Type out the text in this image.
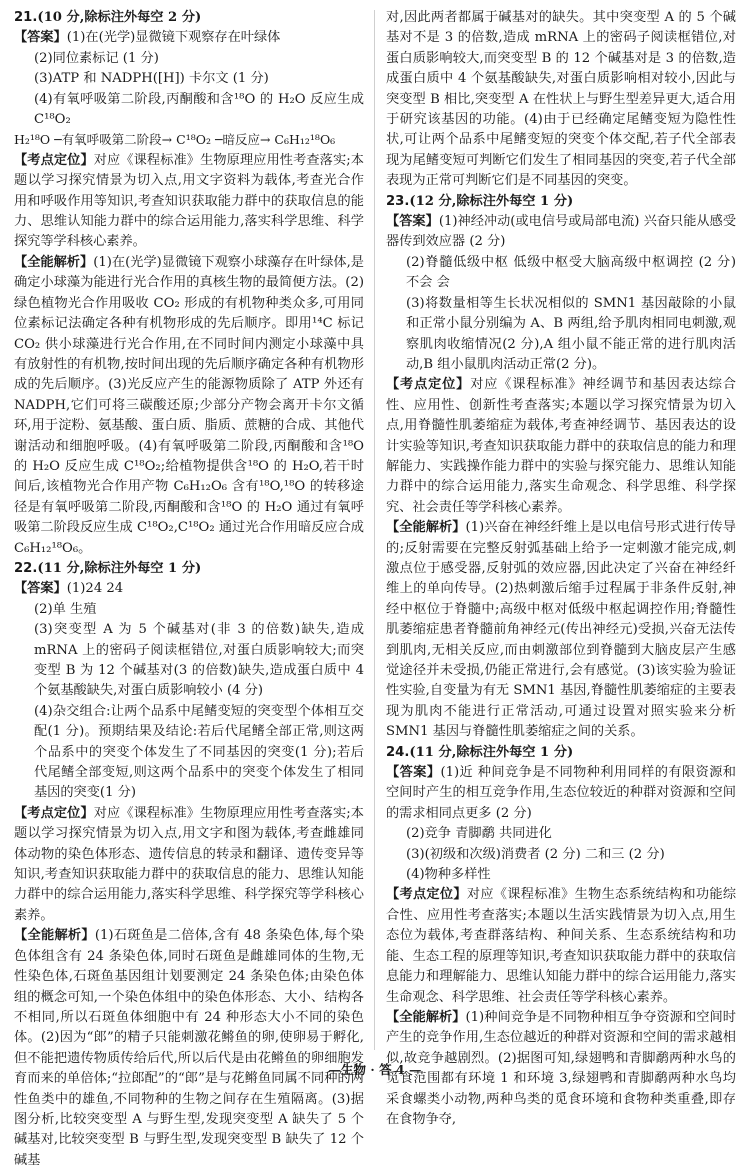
21.(10 分,除标注外每空 2 分)

【答案】(1)在(光学)显微镜下观察存在叶绿体

(2)同位素标记 (1 分)

(3)ATP 和 NADPH([H]) 卡尔文 (1 分)

(4)有氧呼吸第二阶段,丙酮酸和含¹⁸O 的 H₂O 反应生成 C¹⁸O₂

H₂¹⁸O ─有氧呼吸第二阶段→ C¹⁸O₂ ─暗反应→ C₆H₁₂¹⁸O₆

【考点定位】对应《课程标准》生物原理应用性考查落实;本题以学习探究情景为切入点,用文字资料为载体,考查光合作用和呼吸作用等知识,考查知识获取能力群中的获取信息的能力、思维认知能力群中的综合运用能力,落实科学思维、科学探究等学科核心素养。

【全能解析】(1)在(光学)显微镜下观察小球藻存在叶绿体,是确定小球藻为能进行光合作用的真核生物的最简便方法。(2)绿色植物光合作用吸收 CO₂ 形成的有机物种类众多,可用同位素标记法确定各种有机物形成的先后顺序。即用¹⁴C 标记 CO₂ 供小球藻进行光合作用,在不同时间内测定小球藻中具有放射性的有机物,按时间出现的先后顺序确定各种有机物形成的先后顺序。(3)光反应产生的能源物质除了 ATP 外还有 NADPH,它们可将三碳酸还原;少部分产物会离开卡尔文循环,用于淀粉、氨基酸、蛋白质、脂质、蔗糖的合成、其他代谢活动和细胞呼吸。(4)有氧呼吸第二阶段,丙酮酸和含¹⁸O 的 H₂O 反应生成 C¹⁸O₂;给植物提供含¹⁸O 的 H₂O,若干时间后,该植物光合作用产物 C₆H₁₂O₆ 含有¹⁸O,¹⁸O 的转移途径是有氧呼吸第二阶段,丙酮酸和含¹⁸O 的 H₂O 通过有氧呼吸第二阶段反应生成 C¹⁸O₂,C¹⁸O₂ 通过光合作用暗反应合成 C₆H₁₂¹⁸O₆。

22.(11 分,除标注外每空 1 分)

【答案】(1)24 24

(2)单 生殖

(3)突变型 A 为 5 个碱基对(非 3 的倍数)缺失,造成 mRNA 上的密码子阅读框错位,对蛋白质影响较大;而突变型 B 为 12 个碱基对(3 的倍数)缺失,造成蛋白质中 4 个氨基酸缺失,对蛋白质影响较小 (4 分)

(4)杂交组合:让两个品系中尾鳍变短的突变型个体相互交配(1 分)。预期结果及结论:若后代尾鳍全部正常,则这两个品系中的突变个体发生了不同基因的突变(1 分);若后代尾鳍全部变短,则这两个品系中的突变个体发生了相同基因的突变(1 分)

【考点定位】对应《课程标准》生物原理应用性考查落实;本题以学习探究情景为切入点,用文字和图为载体,考查雌雄同体动物的染色体形态、遗传信息的转录和翻译、遗传变异等知识,考查知识获取能力群中的获取信息的能力、思维认知能力群中的综合运用能力,落实科学思维、科学探究等学科核心素养。

【全能解析】(1)石斑鱼是二倍体,含有 48 条染色体,每个染色体组含有 24 条染色体,同时石斑鱼是雌雄同体的生物,无性染色体,石斑鱼基因组计划要测定 24 条染色体;由染色体组的概念可知,一个染色体组中的染色体形态、大小、结构各不相同,所以石斑鱼体细胞中有 24 种形态大小不同的染色体。(2)因为“郎”的精子只能刺激花鳉鱼的卵,使卵易于孵化,但不能把遗传物质传给后代,所以后代是由花鳉鱼的卵细胞发育而来的单倍体;“拉郎配”的“郎”是与花鳉鱼同属不同种的两性鱼类中的雄鱼,不同物种的生物之间存在生殖隔离。(3)据图分析,比较突变型 A 与野生型,发现突变型 A 缺失了 5 个碱基对,比较突变型 B 与野生型,发现突变型 B 缺失了 12 个碱基

对,因此两者都属于碱基对的缺失。其中突变型 A 的 5 个碱基对不是 3 的倍数,造成 mRNA 上的密码子阅读框错位,对蛋白质影响较大,而突变型 B 的 12 个碱基对是 3 的倍数,造成蛋白质中 4 个氨基酸缺失,对蛋白质影响相对较小,因此与突变型 B 相比,突变型 A 在性状上与野生型差异更大,适合用于研究该基因的功能。(4)由于已经确定尾鳍变短为隐性性状,可让两个品系中尾鳍变短的突变个体交配,若子代全部表现为尾鳍变短可判断它们发生了相同基因的突变,若子代全部表现为正常可判断它们是不同基因的突变。

23.(12 分,除标注外每空 1 分)

【答案】(1)神经冲动(或电信号或局部电流) 兴奋只能从感受器传到效应器 (2 分)

(2)脊髓低级中枢 低级中枢受大脑高级中枢调控 (2 分) 不会 会

(3)将数量相等生长状况相似的 SMN1 基因敲除的小鼠和正常小鼠分别编为 A、B 两组,给予肌肉相同电刺激,观察肌肉收缩情况(2 分),A 组小鼠不能正常的进行肌肉活动,B 组小鼠肌肉活动正常(2 分)。

【考点定位】对应《课程标准》神经调节和基因表达综合性、应用性、创新性考查落实;本题以学习探究情景为切入点,用脊髓性肌萎缩症为载体,考查神经调节、基因表达的设计实验等知识,考查知识获取能力群中的获取信息的能力和理解能力、实践操作能力群中的实验与探究能力、思维认知能力群中的综合运用能力,落实生命观念、科学思维、科学探究、社会责任等学科核心素养。

【全能解析】(1)兴奋在神经纤维上是以电信号形式进行传导的;反射需要在完整反射弧基础上给予一定刺激才能完成,刺激点位于感受器,反射弧的效应器,因此决定了兴奋在神经纤维上的单向传导。(2)热刺激后缩手过程属于非条件反射,神经中枢位于脊髓中;高级中枢对低级中枢起调控作用;脊髓性肌萎缩症患者脊髓前角神经元(传出神经元)受损,兴奋无法传到肌肉,无相关反应,而由刺激部位到脊髓到大脑皮层产生感觉途径并未受损,仍能正常进行,会有感觉。(3)该实验为验证性实验,自变量为有无 SMN1 基因,脊髓性肌萎缩症的主要表现为肌肉不能进行正常活动,可通过设置对照实验来分析 SMN1 基因与脊髓性肌萎缩症之间的关系。

24.(11 分,除标注外每空 1 分)

【答案】(1)近 种间竞争是不同物种利用同样的有限资源和空间时产生的相互竞争作用,生态位较近的种群对资源和空间的需求相同点更多 (2 分)

(2)竞争 青脚鹬 共同进化

(3)(初级和次级)消费者 (2 分) 二和三 (2 分)

(4)物种多样性

【考点定位】对应《课程标准》生物生态系统结构和功能综合性、应用性考查落实;本题以生活实践情景为切入点,用生态位为载体,考查群落结构、种间关系、生态系统结构和功能、生态工程的原理等知识,考查知识获取能力群中的获取信息能力和理解能力、思维认知能力群中的综合运用能力,落实生命观念、科学思维、社会责任等学科核心素养。

【全能解析】(1)种间竞争是不同物种相互争夺资源和空间时产生的竞争作用,生态位越近的种群对资源和空间的需求越相似,故竞争越剧烈。(2)据图可知,绿翅鸭和青脚鹬两种水鸟的觅食范围都有环境 1 和环境 3,绿翅鸭和青脚鹬两种水鸟均采食螺类小动物,两种鸟类的觅食环境和食物种类重叠,即存在食物争夺,

—生物 · 答 4 —
